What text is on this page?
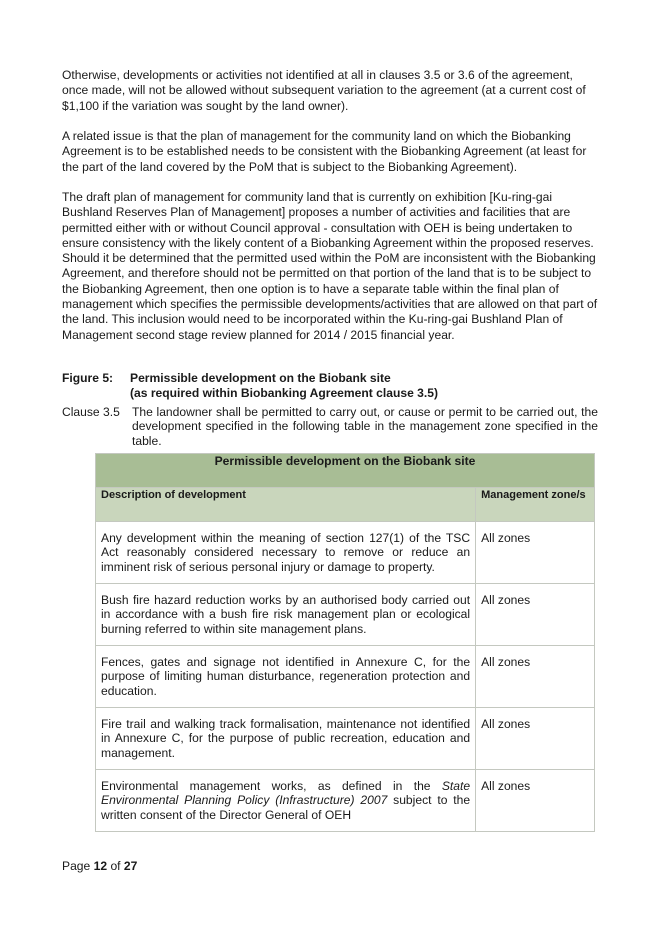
Otherwise, developments or activities not identified at all in clauses 3.5 or 3.6 of the agreement, once made, will not be allowed without subsequent variation to the agreement (at a current cost of $1,100 if the variation was sought by the land owner).

A related issue is that the plan of management for the community land on which the Biobanking Agreement is to be established needs to be consistent with the Biobanking Agreement (at least for the part of the land covered by the PoM that is subject to the Biobanking Agreement).

The draft plan of management for community land that is currently on exhibition [Ku-ring-gai Bushland Reserves Plan of Management] proposes a number of activities and facilities that are permitted either with or without Council approval - consultation with OEH is being undertaken to ensure consistency with the likely content of a Biobanking Agreement within the proposed reserves. Should it be determined that the permitted used within the PoM are inconsistent with the Biobanking Agreement, and therefore should not be permitted on that portion of the land that is to be subject to the Biobanking Agreement, then one option is to have a separate table within the final plan of management which specifies the permissible developments/activities that are allowed on that part of the land. This inclusion would need to be incorporated within the Ku-ring-gai Bushland Plan of Management second stage review planned for 2014 / 2015 financial year.

Figure 5: Permissible development on the Biobank site
(as required within Biobanking Agreement clause 3.5)
Clause 3.5	The landowner shall be permitted to carry out, or cause or permit to be carried out, the development specified in the following table in the management zone specified in the table.
Permissible development on the Biobank site	
Description of development	Management zone/s
Any development within the meaning of section 127(1) of the TSC Act reasonably considered necessary to remove or reduce an imminent risk of serious personal injury or damage to property.	All zones
Bush fire hazard reduction works by an authorised body carried out in accordance with a bush fire risk management plan or ecological burning referred to within site management plans.	All zones
Fences, gates and signage not identified in Annexure C, for the purpose of limiting human disturbance, regeneration protection and education.	All zones
Fire trail and walking track formalisation, maintenance not identified in Annexure C, for the purpose of public recreation, education and management.	All zones
Environmental management works, as defined in the State Environmental Planning Policy (Infrastructure) 2007 subject to the written consent of the Director General of OEH	All zones

Page 12 of 27
